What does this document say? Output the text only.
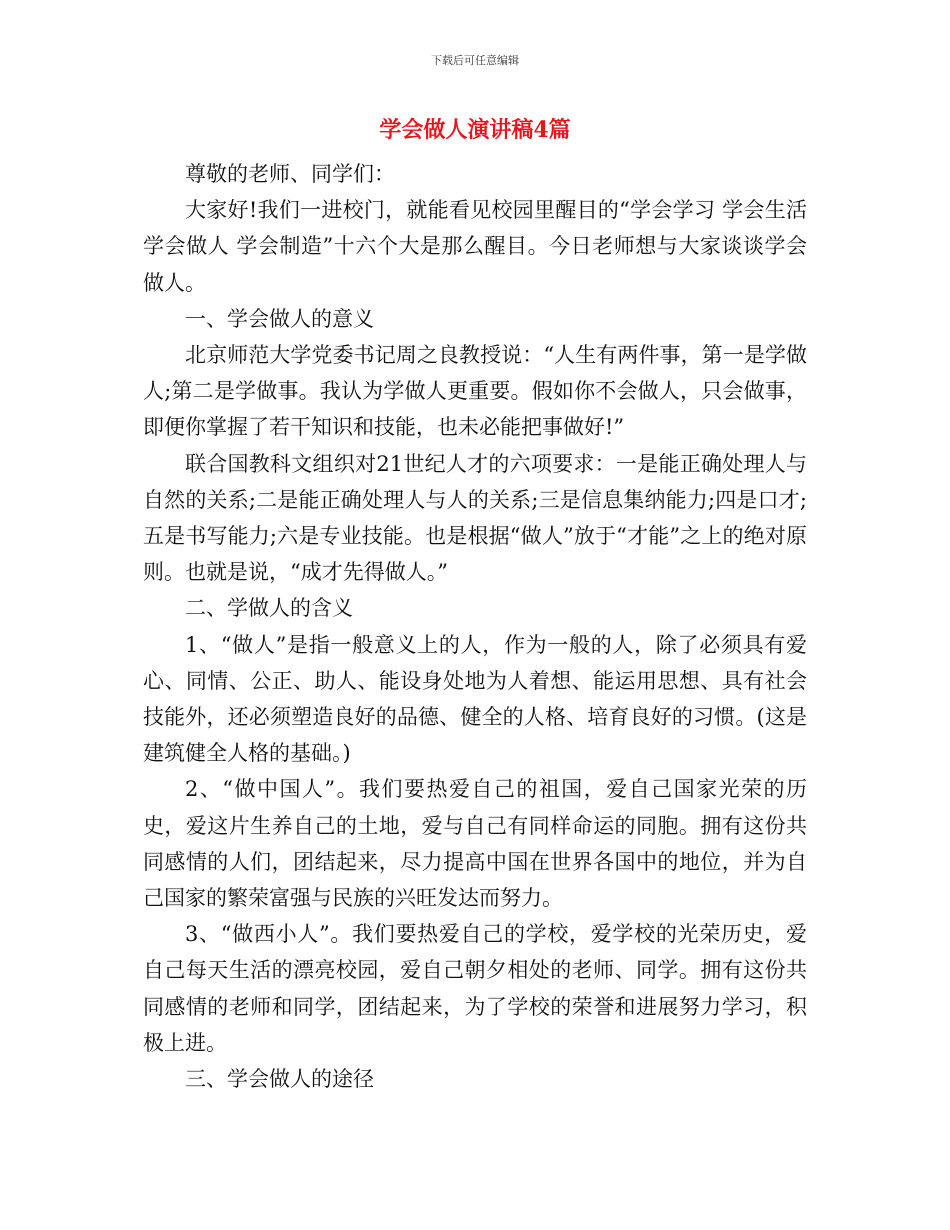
下载后可任意编辑
学会做人演讲稿4篇

尊敬的老师、同学们：

大家好!我们一进校门，就能看见校园里醒目的“学会学习 学会生活 学会做人 学会制造”十六个大是那么醒目。今日老师想与大家谈谈学会做人。

一、学会做人的意义

北京师范大学党委书记周之良教授说：“人生有两件事，第一是学做人;第二是学做事。我认为学做人更重要。假如你不会做人，只会做事，即便你掌握了若干知识和技能，也未必能把事做好!”

联合国教科文组织对21世纪人才的六项要求：一是能正确处理人与自然的关系;二是能正确处理人与人的关系;三是信息集纳能力;四是口才;五是书写能力;六是专业技能。也是根据“做人”放于“才能”之上的绝对原则。也就是说，“成才先得做人。”

二、学做人的含义

1、“做人”是指一般意义上的人，作为一般的人，除了必须具有爱心、同情、公正、助人、能设身处地为人着想、能运用思想、具有社会技能外，还必须塑造良好的品德、健全的人格、培育良好的习惯。(这是建筑健全人格的基础。)

2、“做中国人”。我们要热爱自己的祖国，爱自己国家光荣的历史，爱这片生养自己的土地，爱与自己有同样命运的同胞。拥有这份共同感情的人们，团结起来，尽力提高中国在世界各国中的地位，并为自己国家的繁荣富强与民族的兴旺发达而努力。

3、“做西小人”。我们要热爱自己的学校，爱学校的光荣历史，爱自己每天生活的漂亮校园，爱自己朝夕相处的老师、同学。拥有这份共同感情的老师和同学，团结起来，为了学校的荣誉和进展努力学习，积极上进。

三、学会做人的途径
